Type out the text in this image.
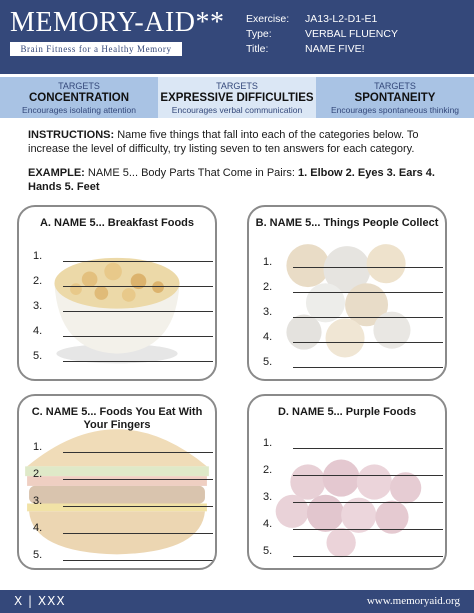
MEMORY-AID**
Brain Fitness for a Healthy Memory
Exercise:	JA13-L2-D1-E1
Type:	VERBAL FLUENCY
Title:	NAME FIVE!
TARGETS
CONCENTRATION
Encourages isolating attention
TARGETS
EXPRESSIVE DIFFICULTIES
Encourages verbal communication
TARGETS
SPONTANEITY
Encourages spontaneous thinking
INSTRUCTIONS: Name five things that fall into each of the categories below. To increase the level of difficulty, try listing seven to ten answers for each category.
EXAMPLE: NAME 5... Body Parts That Come in Pairs: 1. Elbow 2. Eyes 3. Ears 4. Hands 5. Feet
A. NAME 5... Breakfast Foods
1.
2.
3.
4.
5.
B. NAME 5... Things People Collect
1.
2.
3.
4.
5.
C. NAME 5... Foods You Eat With Your Fingers
1.
2.
3.
4.
5.
D. NAME 5... Purple Foods
1.
2.
3.
4.
5.
X | XXX	www.memoryaid.org
